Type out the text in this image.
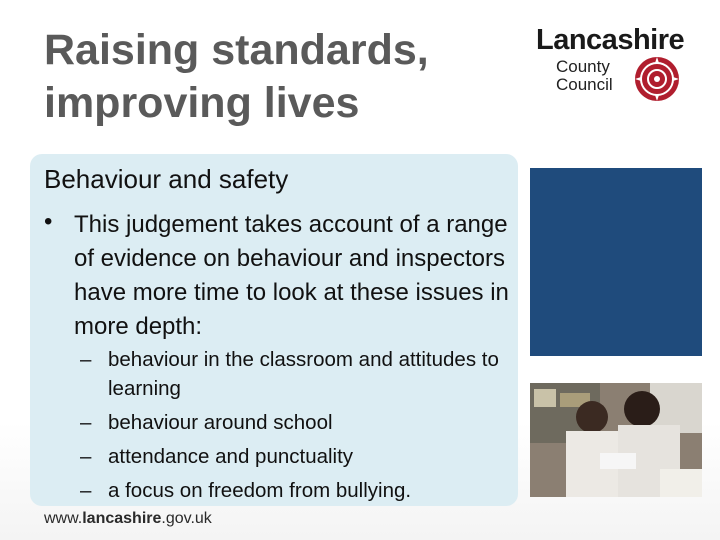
Raising standards, improving lives
Lancashire
County
Council
Behaviour and safety
• This judgement takes account of a range of evidence on behaviour and inspectors have more time to look at these issues in more depth:
– behaviour in the classroom and attitudes to learning
– behaviour around school
– attendance and punctuality
– a focus on freedom from bullying.
www.lancashire.gov.uk
